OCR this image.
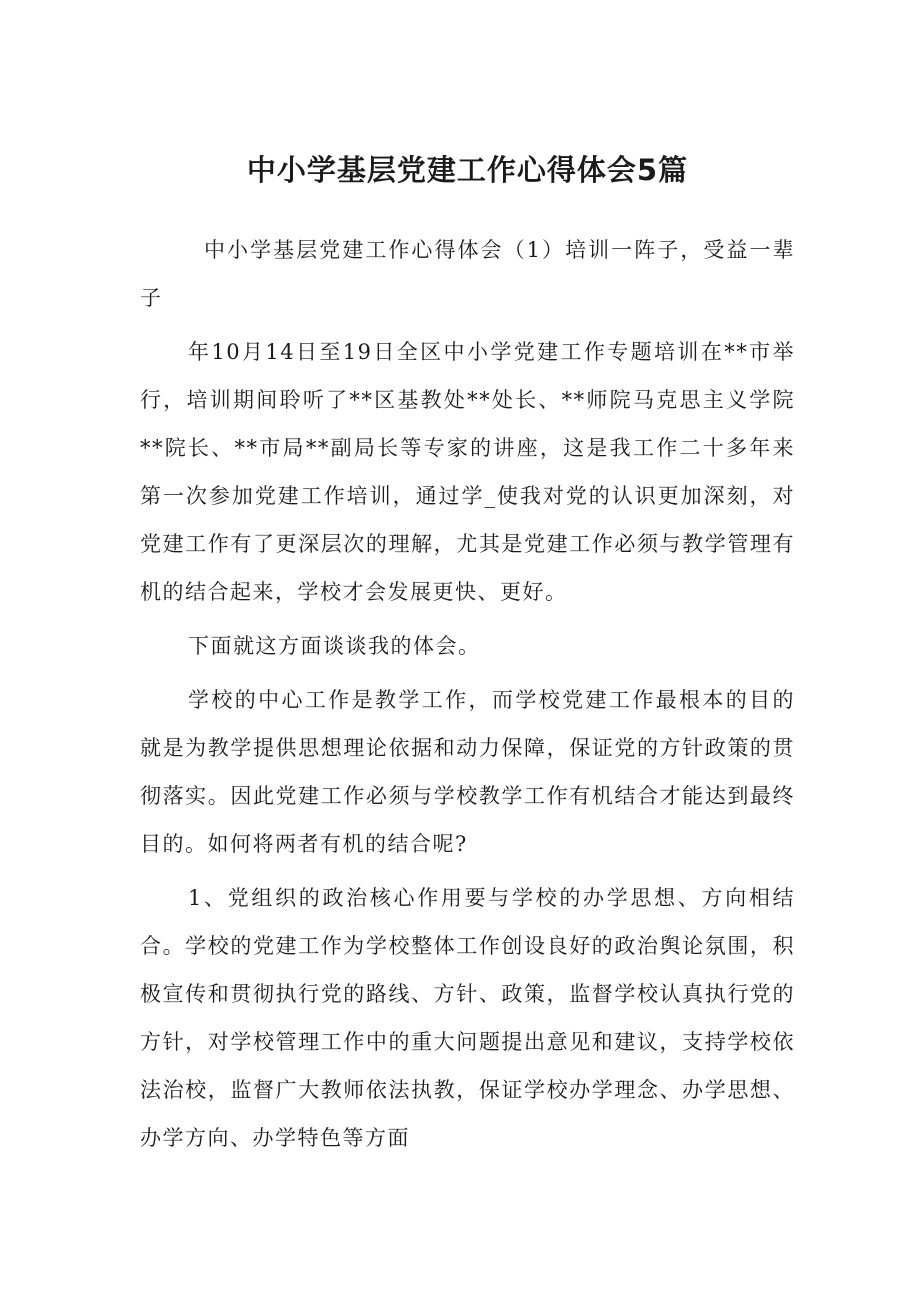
中小学基层党建工作心得体会5篇

中小学基层党建工作心得体会（1）培训一阵子，受益一辈子

年10月14日至19日全区中小学党建工作专题培训在**市举行，培训期间聆听了**区基教处**处长、**师院马克思主义学院**院长、**市局**副局长等专家的讲座，这是我工作二十多年来第一次参加党建工作培训，通过学_使我对党的认识更加深刻，对党建工作有了更深层次的理解，尤其是党建工作必须与教学管理有机的结合起来，学校才会发展更快、更好。

下面就这方面谈谈我的体会。

学校的中心工作是教学工作，而学校党建工作最根本的目的就是为教学提供思想理论依据和动力保障，保证党的方针政策的贯彻落实。因此党建工作必须与学校教学工作有机结合才能达到最终目的。如何将两者有机的结合呢?

1、党组织的政治核心作用要与学校的办学思想、方向相结合。学校的党建工作为学校整体工作创设良好的政治舆论氛围，积极宣传和贯彻执行党的路线、方针、政策，监督学校认真执行党的方针，对学校管理工作中的重大问题提出意见和建议，支持学校依法治校，监督广大教师依法执教，保证学校办学理念、办学思想、办学方向、办学特色等方面
